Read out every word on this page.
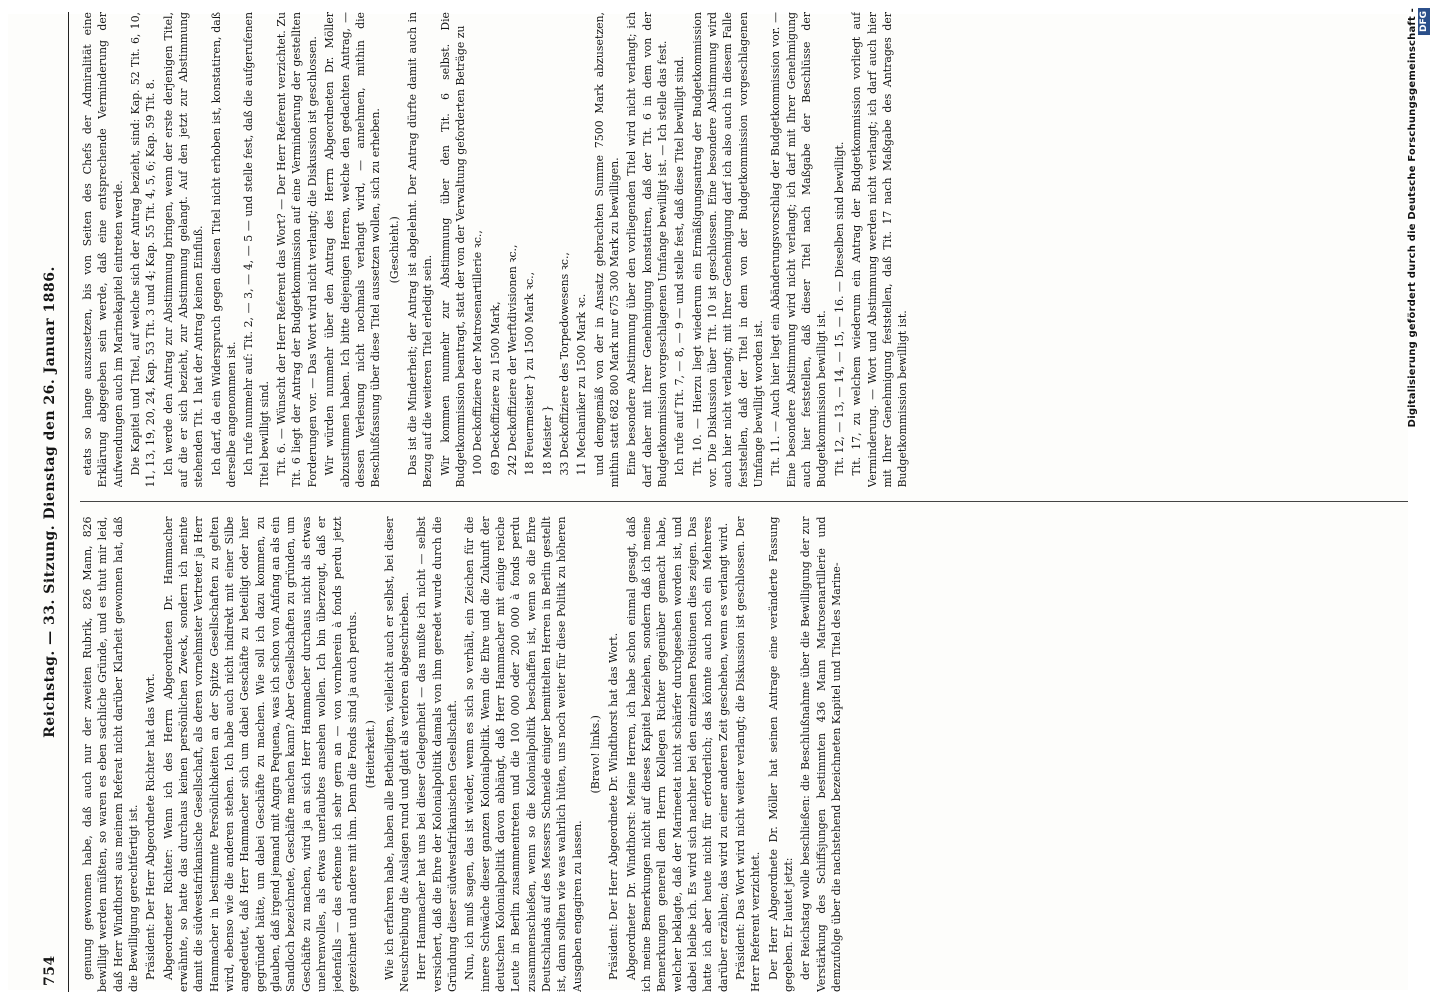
754
Reichstag. — 33. Sitzung. Dienstag den 26. Januar 1886.

genung gewonnen habe, daß auch nur der zweiten Rubrik, 826 Mann, 826 bewilligt werden müßten, so waren es eben sachliche Gründe, und es thut mir leid, daß Herr Windthorst aus meinem Referat nicht darüber Klarheit gewonnen hat, daß die Bewilligung gerechtfertigt ist. Präsident: Der Herr Abgeordnete Richter hat das Wort. Abgeordneter Richter: Wenn ich des Herrn Abgeordneten Dr. Hammacher erwähnte, so hatte das durchaus keinen persönlichen Zweck, sondern ich meinte damit die südwestafrikanische Gesellschaft, als deren vornehmster Vertreter ja Herr Hammacher in bestimmte Persönlichkeiten an der Spitze Gesellschaften zu gelten wird, ebenso wie die anderen stehen. Ich habe auch nicht indirekt mit einer Silbe angedeutet, daß Herr Hammacher sich um dabei Geschäfte zu beteiligt oder hier gegründet hätte, um dabei Geschäfte zu machen. Wie soll ich dazu kommen, zu glauben, daß irgend jemand mit Angra Pequena, was ich schon von Anfang an als ein Sandloch bezeichnete, Geschäfte machen kann? Aber Gesellschaften zu gründen, um Geschäfte zu machen, wird ja an sich Herr Hammacher durchaus nicht als etwas unehrenvolles, als etwas unerlaubtes ansehen wollen. Ich bin überzeugt, daß er jedenfalls — das erkenne ich sehr gern an — von vornherein à fonds perdu jetzt gezeichnet und andere mit ihm. Denn die Fonds sind ja auch perdus. (Heiterkeit.) Wie ich erfahren habe, haben alle Betheiligten, vielleicht auch er selbst, bei dieser Neuschreibung die Auslagen rund und glatt als verloren abgeschrieben. Herr Hammacher hat uns bei dieser Gelegenheit — das mußte ich nicht — selbst versichert, daß die Ehre der Kolonialpolitik damals von ihm geredet wurde durch die Gründung dieser südwestafrikanischen Gesellschaft. Nun, ich muß sagen, das ist wieder, wenn es sich so verhält, ein Zeichen für die innere Schwäche dieser ganzen Kolonialpolitik. Wenn die Ehre und die Zukunft der deutschen Kolonialpolitik davon abhängt, daß Herr Hammacher mit einige reiche Leute in Berlin zusammentreten und die 100 000 oder 200 000 à fonds perdu zusammenschießen, wenn so die Kolonialpolitik beschaffen ist, wenn so die Ehre Deutschlands auf des Messers Schneide einiger bemittelten Herren in Berlin gestellt ist, dann sollten wie was wahrlich hüten, uns noch weiter für diese Politik zu höheren Ausgaben engagiren zu lassen.

(Bravo! links.) Präsident: Der Herr Abgeordnete Dr. Windthorst hat das Wort. Abgeordneter Dr. Windthorst: Meine Herren, ich habe schon einmal gesagt, daß ich meine Bemerkungen nicht auf dieses Kapitel beziehen, sondern daß ich meine Bemerkungen generell dem Herrn Kollegen Richter gegenüber gemacht habe, welcher beklagte, daß der Marineetat nicht schärfer durchgesehen worden ist, und dabei bleibe ich. Es wird sich nachher bei den einzelnen Positionen dies zeigen. Das hatte ich aber heute nicht für erforderlich; das könnte auch noch ein Mehreres darüber erzählen; das wird zu einer anderen Zeit geschehen, wenn es verlangt wird. Präsident: Das Wort wird nicht weiter verlangt; die Diskussion ist geschlossen. Der Herr Referent verzichtet. Der Herr Abgeordnete Dr. Möller hat seinen Antrage eine veränderte Fassung gegeben. Er lautet jetzt: der Reichstag wolle beschließen: die Beschlußnahme über die Bewilligung der zur Verstärkung des Schiffsjungen bestimmten 436 Mann Matrosenartillerie und demzufolge über die nachstehend bezeichneten Kapitel und Titel des Marine-

etats so lange auszusetzen, bis von Seiten des Chefs der Admiralität eine Erklärung abgegeben sein werde, daß eine entsprechende Verminderung der Aufwendungen auch im Marinekapitel eintreten werde. Die Kapitel und Titel, auf welche sich der Antrag bezieht, sind: Kap. 52 Tit. 6, 10, 11, 13, 19, 20, 24, Kap. 53 Tit. 3 und 4; Kap. 55 Tit. 4, 5, 6; Kap. 59 Tit. 8. Ich werde den Antrag zur Abstimmung bringen, wenn der erste derjenigen Titel, auf die er sich bezieht, zur Abstimmung gelangt. Auf den jetzt zur Abstimmung stehenden Tit. 1 hat der Antrag keinen Einfluß. Ich darf, da ein Widerspruch gegen diesen Titel nicht erhoben ist, konstatiren, daß derselbe angenommen ist. Ich rufe nunmehr auf: Tit. 2, — 3, — 4, — 5 — und stelle fest, daß die aufgerufenen Titel bewilligt sind. Tit. 6. — Wünscht der Herr Referent das Wort? — Der Herr Referent verzichtet. Zu Tit. 6 liegt der Antrag der Budgetkommission auf eine Verminderung der gestellten Forderungen vor. — Das Wort wird nicht verlangt; die Diskussion ist geschlossen. Wir würden nunmehr über den Antrag des Herrn Abgeordneten Dr. Möller abzustimmen haben. Ich bitte diejenigen Herren, welche den gedachten Antrag, — dessen Verlesung nicht nochmals verlangt wird, — annehmen, mithin die Beschlußfassung über diese Titel aussetzen wollen, sich zu erheben. (Geschieht.) Das ist die Minderheit; der Antrag ist abgelehnt. Der Antrag dürfte damit auch in Bezug auf die weiteren Titel erledigt sein. Wir kommen nunmehr zur Abstimmung über den Tit. 6 selbst. Die Budgetkommission beantragt, statt der von der Verwaltung geforderten Beträge zu 100 Deckoffiziere der Matrosenartillerie ꝛc., 69 Deckoffiziere zu 1500 Mark, 242 Deckoffiziere der Werftdivisionen ꝛc., 18 Feuermeister } zu 1500 Mark ꝛc., 18 Meister } 33 Deckoffiziere des Torpedowesens ꝛc., 11 Mechaniker zu 1500 Mark ꝛc. und demgemäß von der in Ansatz gebrachten Summe 7500 Mark abzusetzen, mithin statt 682 800 Mark nur 675 300 Mark zu bewilligen. Eine besondere Abstimmung über den vorliegenden Titel wird nicht verlangt; ich darf daher mit Ihrer Genehmigung konstatiren, daß der Tit. 6 in dem von der Budgetkommission vorgeschlagenen Umfange bewilligt ist. — Ich stelle das fest. Ich rufe auf Tit. 7, — 8, — 9 — und stelle fest, daß diese Titel bewilligt sind. Tit. 10. — Hierzu liegt wiederum ein Ermäßigungsantrag der Budgetkommission vor. Die Diskussion über Tit. 10 ist geschlossen. Eine besondere Abstimmung wird auch hier nicht verlangt; mit Ihrer Genehmigung darf ich also auch in diesem Falle feststellen, daß der Titel in dem von der Budgetkommission vorgeschlagenen Umfange bewilligt worden ist. Tit. 11. — Auch hier liegt ein Abänderungsvorschlag der Budgetkommission vor. — Eine besondere Abstimmung wird nicht verlangt; ich darf mit Ihrer Genehmigung auch hier feststellen, daß dieser Titel nach Maßgabe der Beschlüsse der Budgetkommission bewilligt ist. Tit. 12, — 13, — 14, — 15, — 16. — Dieselben sind bewilligt. Tit. 17, zu welchem wiederum ein Antrag der Budgetkommission vorliegt auf Verminderung. — Wort und Abstimmung werden nicht verlangt; ich darf auch hier mit Ihrer Genehmigung feststellen, daß Tit. 17 nach Maßgabe des Antrages der Budgetkommission bewilligt ist.	Digitalisierung gefördert durch die Deutsche Forschungsgemeinschaft - DFG
